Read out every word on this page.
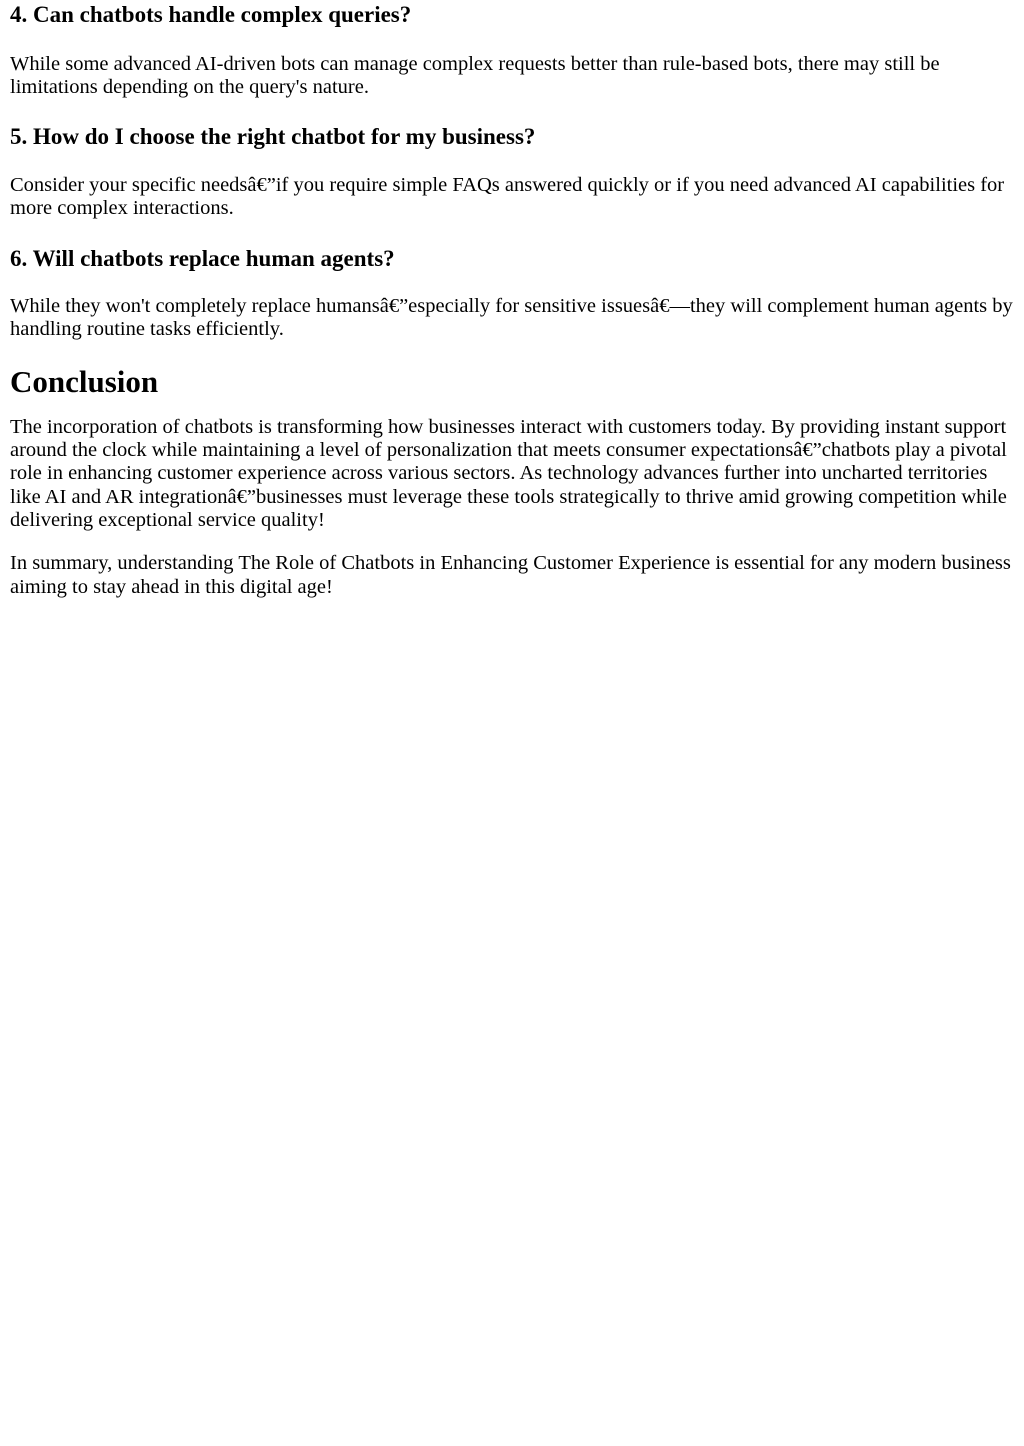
4. Can chatbots handle complex queries?

While some advanced AI-driven bots can manage complex requests better than rule-based bots, there may still be limitations depending on the query's nature.

5. How do I choose the right chatbot for my business?

Consider your specific needsâ€”if you require simple FAQs answered quickly or if you need advanced AI capabilities for more complex interactions.

6. Will chatbots replace human agents?

While they won't completely replace humansâ€”especially for sensitive issuesâ€—they will complement human agents by handling routine tasks efficiently.

Conclusion

The incorporation of chatbots is transforming how businesses interact with customers today. By providing instant support around the clock while maintaining a level of personalization that meets consumer expectationsâ€”chatbots play a pivotal role in enhancing customer experience across various sectors. As technology advances further into uncharted territories like AI and AR integrationâ€”businesses must leverage these tools strategically to thrive amid growing competition while delivering exceptional service quality!

In summary, understanding The Role of Chatbots in Enhancing Customer Experience is essential for any modern business aiming to stay ahead in this digital age!
